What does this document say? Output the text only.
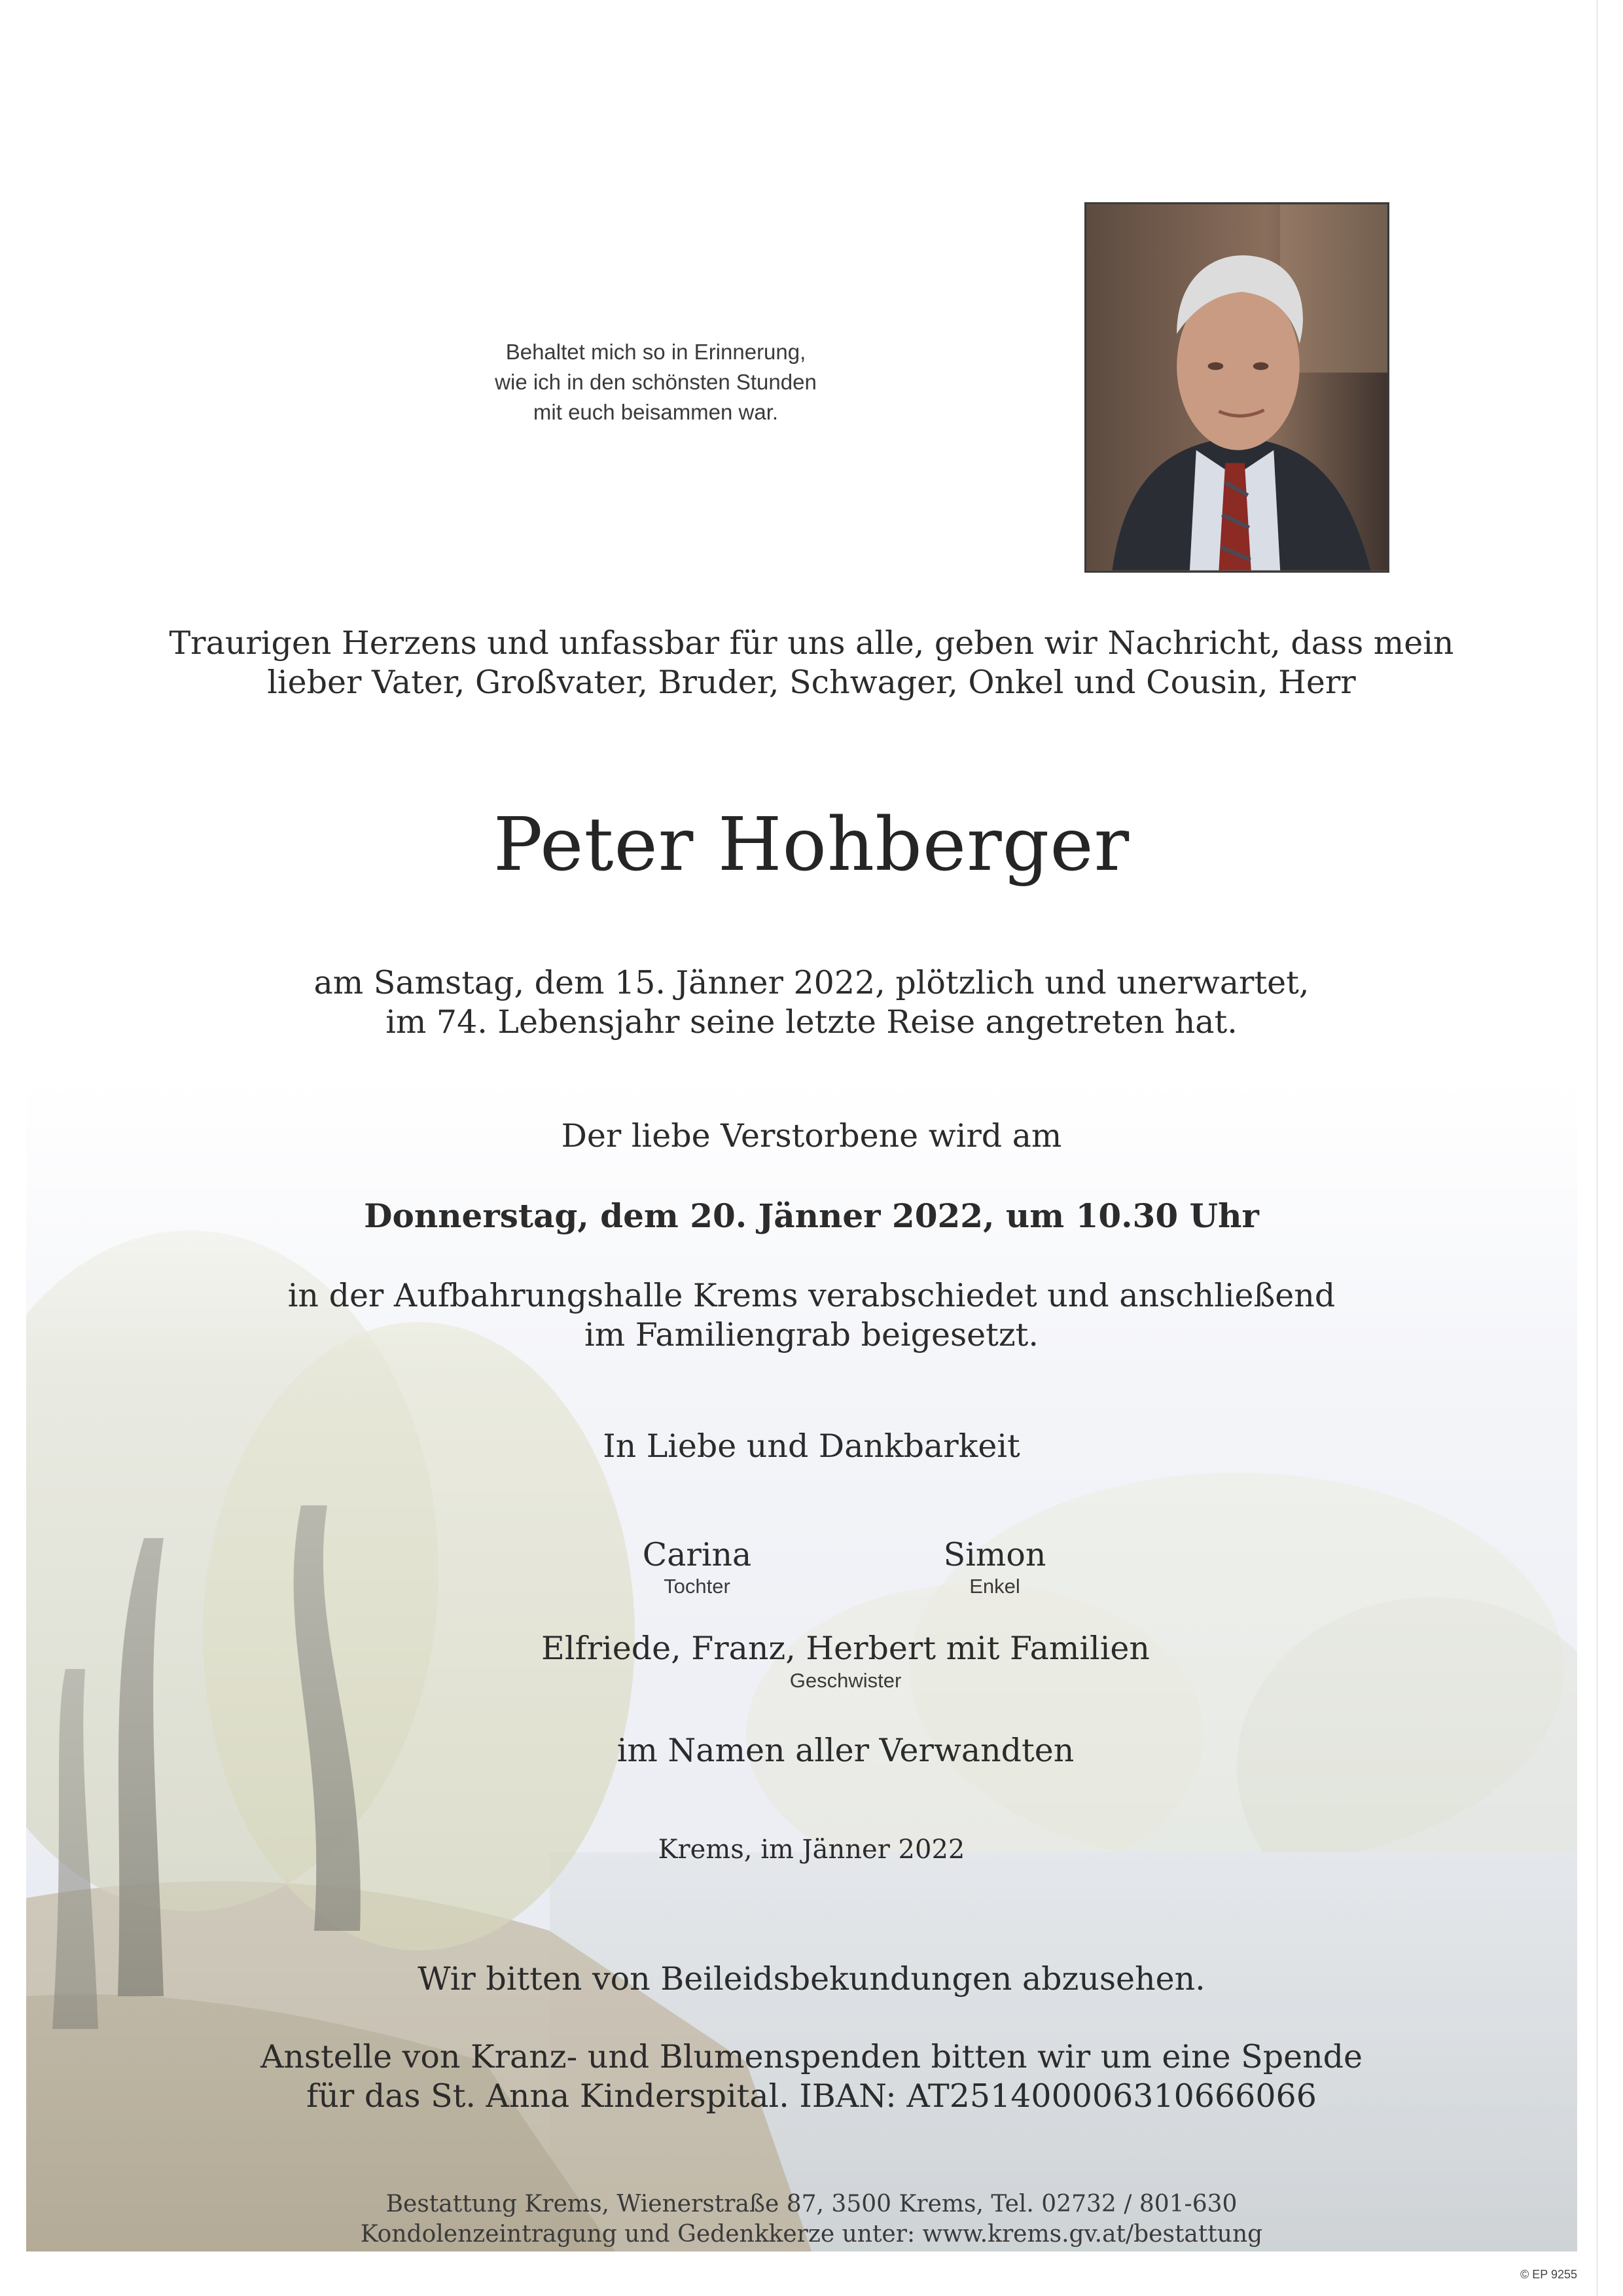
Behaltet mich so in Erinnerung,
wie ich in den schönsten Stunden
mit euch beisammen war.
Traurigen Herzens und unfassbar für uns alle, geben wir Nachricht, dass mein
lieber Vater, Großvater, Bruder, Schwager, Onkel und Cousin, Herr
Peter Hohberger
am Samstag, dem 15. Jänner 2022, plötzlich und unerwartet,
im 74. Lebensjahr seine letzte Reise angetreten hat.
Der liebe Verstorbene wird am
Donnerstag, dem 20. Jänner 2022, um 10.30 Uhr
in der Aufbahrungshalle Krems verabschiedet und anschließend
im Familiengrab beigesetzt.
In Liebe und Dankbarkeit
Carina
Tochter
Simon
Enkel
Elfriede, Franz, Herbert mit Familien
Geschwister
im Namen aller Verwandten
Krems, im Jänner 2022
Wir bitten von Beileidsbekundungen abzusehen.
Anstelle von Kranz- und Blumenspenden bitten wir um eine Spende
für das St. Anna Kinderspital. IBAN: AT251400006310666066
Bestattung Krems, Wienerstraße 87, 3500 Krems, Tel. 02732 / 801-630
Kondolenzeintragung und Gedenkkerze unter: www.krems.gv.at/bestattung
© EP 9255
